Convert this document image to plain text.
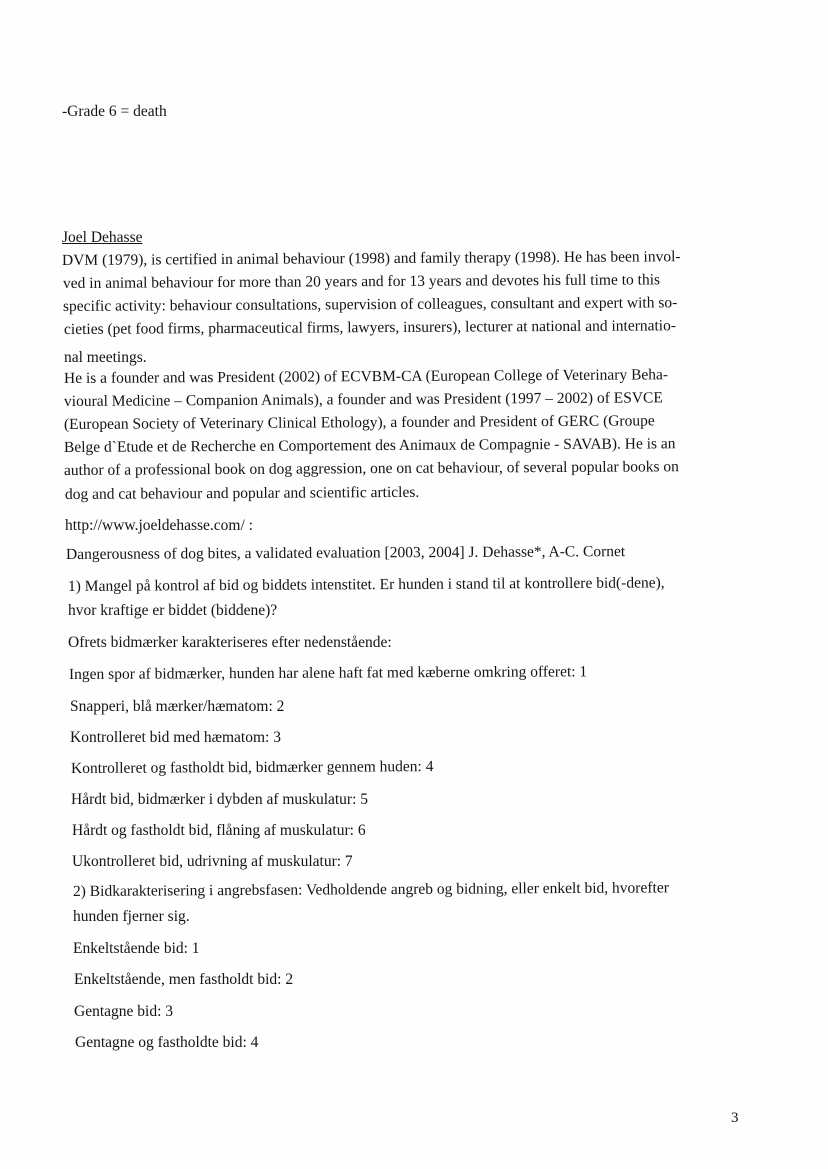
-Grade 6 = death
Joel Dehasse
DVM (1979), is certified in animal behaviour (1998) and family therapy (1998). He has been invol-
ved in animal behaviour for more than 20 years and for 13 years and devotes his full time to this
specific activity: behaviour consultations, supervision of colleagues, consultant and expert with so-
cieties (pet food firms, pharmaceutical firms, lawyers, insurers), lecturer at national and internatio-
nal meetings.
He is a founder and was President (2002) of ECVBM-CA (European College of Veterinary Beha-
vioural Medicine – Companion Animals), a founder and was President (1997 – 2002) of ESVCE
(European Society of Veterinary Clinical Ethology), a founder and President of GERC (Groupe
Belge d`Etude et de Recherche en Comportement des Animaux de Compagnie - SAVAB). He is an
author of a professional book on dog aggression, one on cat behaviour, of several popular books on
dog and cat behaviour and popular and scientific articles.
http://www.joeldehasse.com/ :
Dangerousness of dog bites, a validated evaluation [2003, 2004] J. Dehasse*, A-C. Cornet
1) Mangel på kontrol af bid og biddets intenstitet. Er hunden i stand til at kontrollere bid(-dene),
hvor kraftige er biddet (biddene)?
Ofrets bidmærker karakteriseres efter nedenstående:
Ingen spor af bidmærker, hunden har alene haft fat med kæberne omkring offeret: 1
Snapperi, blå mærker/hæmatom: 2
Kontrolleret bid med hæmatom: 3
Kontrolleret og fastholdt bid, bidmærker gennem huden: 4
Hårdt bid, bidmærker i dybden af muskulatur: 5
Hårdt og fastholdt bid, flåning af muskulatur: 6
Ukontrolleret bid, udrivning af muskulatur: 7
2) Bidkarakterisering i angrebsfasen: Vedholdende angreb og bidning, eller enkelt bid, hvorefter
hunden fjerner sig.
Enkeltstående bid: 1
Enkeltstående, men fastholdt bid: 2
Gentagne bid: 3
Gentagne og fastholdte bid: 4
3
